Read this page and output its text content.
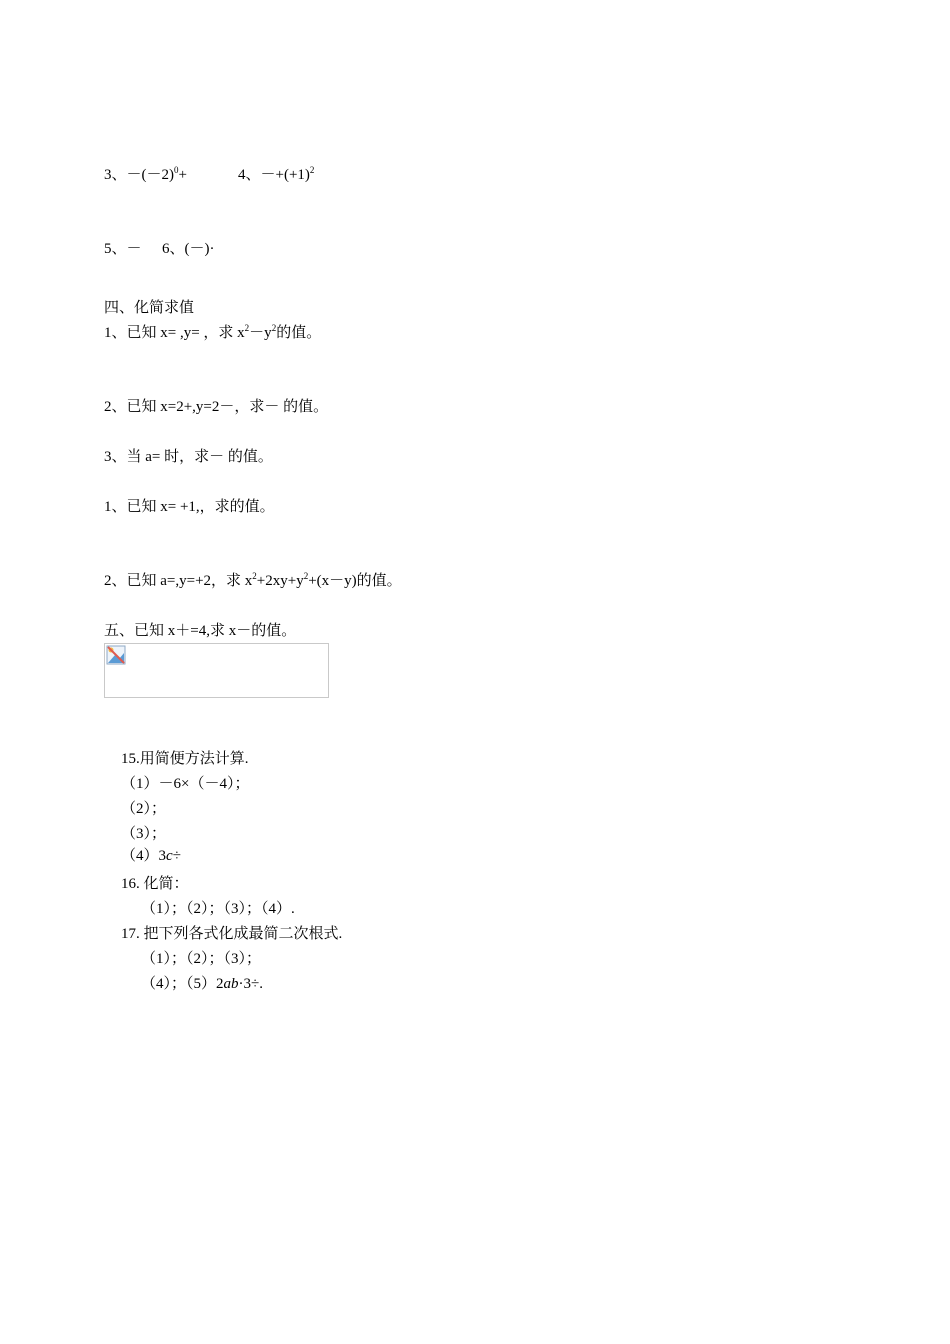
3、$-(-2)^0+$	4、$-+(+1)^2$
5、－ 6、(－)·
四、化简求值
1、已知 x= ,y= ，求 $x^2-y^2$的值。
2、已知 x=2+,y=2－，求－ 的值。
3、当 a= 时，求－ 的值。
1、已知 x= +1,，求的值。
2、已知 a=,y=+2，求 $x^2+2xy+y^2+(x-y)$的值。
五、已知 x＋=4,求 x－的值。
15.用简便方法计算.
（1）－6×（－4）；
（2）；
（3）；
（4）3c÷
16. 化简：
（1）；（2）；（3）；（4）.
17. 把下列各式化成最简二次根式.
（1）；（2）；（3）；
（4）；（5）2ab·3÷.
